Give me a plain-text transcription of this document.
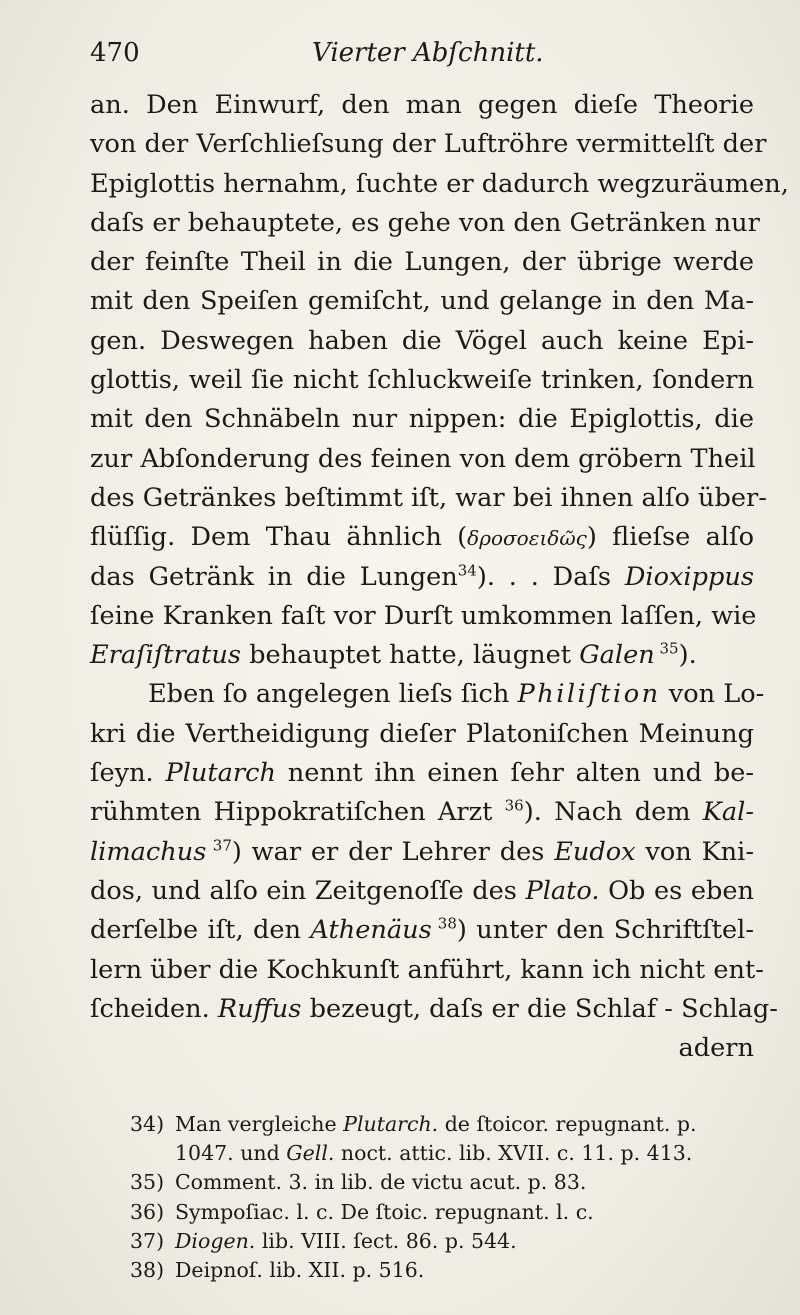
470	Vierter Abſchnitt.
an. Den Einwurf, den man gegen dieſe Theorie
von der Verſchlieſsung der Luftröhre vermittelſt der
Epiglottis hernahm, ſuchte er dadurch wegzuräumen,
daſs er behauptete, es gehe von den Getränken nur
der feinſte Theil in die Lungen, der übrige werde
mit den Speiſen gemiſcht, und gelange in den Ma-
gen. Deswegen haben die Vögel auch keine Epi-
glottis, weil ſie nicht ſchluckweiſe trinken, ſondern
mit den Schnäbeln nur nippen: die Epiglottis, die
zur Abſonderung des feinen von dem gröbern Theil
des Getränkes beſtimmt iſt, war bei ihnen alſo über-
flüſſig. Dem Thau ähnlich (δροσοειδῶς) flieſse alſo
das Getränk in die Lungen$^{34}$). . . Daſs Dioxippus
ſeine Kranken faſt vor Durſt umkommen laſſen, wie
Eraſiſtratus behauptet hatte, läugnet Galen $^{35}$).
Eben ſo angelegen lieſs ſich Philiſtion von Lo-
kri die Vertheidigung dieſer Platoniſchen Meinung
ſeyn. Plutarch nennt ihn einen ſehr alten und be-
rühmten Hippokratiſchen Arzt $^{36}$). Nach dem Kal-
limachus $^{37}$) war er der Lehrer des Eudox von Kni-
dos, und alſo ein Zeitgenoſſe des Plato. Ob es eben
derſelbe iſt, den Athenäus $^{38}$) unter den Schriftſtel-
lern über die Kochkunſt anführt, kann ich nicht ent-
ſcheiden. Ruffus bezeugt, daſs er die Schlaf - Schlag-
adern
34) Man vergleiche Plutarch. de ſtoicor. repugnant. p.
1047. und Gell. noct. attic. lib. XVII. c. 11. p. 413.
35) Comment. 3. in lib. de victu acut. p. 83.
36) Sympoſiac. l. c. De ſtoic. repugnant. l. c.
37) Diogen. lib. VIII. ſect. 86. p. 544.
38) Deipnoſ. lib. XII. p. 516.
